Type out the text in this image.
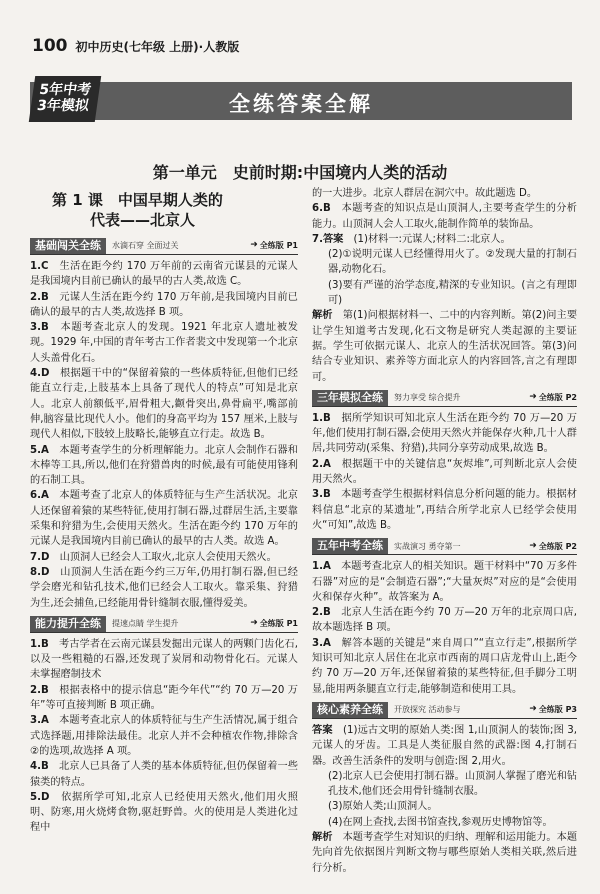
100 初中历史(七年级 上册)·人教版
全练答案全解
5年中考
3年模拟
第一单元　史前时期:中国境内人类的活动
第 1 课　中国早期人类的
代表——北京人
基础闯关全练	水滴石穿 全面过关	➜ 全练版 P1

1.C　生活在距今约 170 万年前的云南省元谋县的元谋人是我国境内目前已确认的最早的古人类,故选 C。

2.B　元谋人生活在距今约 170 万年前,是我国境内目前已确认的最早的古人类,故选择 B 项。

3.B　本题考查北京人的发现。1921 年北京人遗址被发现。1929 年,中国的青年考古工作者裴文中发现第一个北京人头盖骨化石。

4.D　根据题干中的“保留着猿的一些体质特征,但他们已经能直立行走,上肢基本上具备了现代人的特点”可知是北京人。北京人前额低平,眉骨粗大,颧骨突出,鼻骨扁平,嘴部前伸,脑容量比现代人小。他们的身高平均为 157 厘米,上肢与现代人相似,下肢较上肢略长,能够直立行走。故选 B。

5.A　本题考查学生的分析理解能力。北京人会制作石器和木棒等工具,所以,他们在狩猎兽肉的时候,最有可能使用锋利的石制工具。

6.A　本题考查了北京人的体质特征与生产生活状况。北京人还保留着猿的某些特征,使用打制石器,过群居生活,主要靠采集和狩猎为生,会使用天然火。生活在距今约 170 万年的元谋人是我国境内目前已确认的最早的古人类。故选 A。

7.D　山顶洞人已经会人工取火,北京人会使用天然火。

8.D　山顶洞人生活在距今约三万年,仍用打制石器,但已经学会磨光和钻孔技术,他们已经会人工取火。靠采集、狩猎为生,还会捕鱼,已经能用骨针缝制衣服,懂得爱美。

能力提升全练	提速点睛 学生提升	➜ 全练版 P1

1.B　考古学者在云南元谋县发掘出元谋人的两颗门齿化石,以及一些粗糙的石器,还发现了炭屑和动物骨化石。元谋人未掌握磨制技术

2.B　根据表格中的提示信息“距今年代”“约 70 万—20 万年”等可直接判断 B 项正确。

3.A　本题考查北京人的体质特征与生产生活情况,属于组合式选择题,用排除法最佳。北京人并不会种植农作物,排除含②的选项,故选择 A 项。

4.B　北京人已具备了人类的基本体质特征,但仍保留着一些猿类的特点。

5.D　依据所学可知,北京人已经使用天然火,他们用火照明、防寒,用火烧烤食物,驱赶野兽。火的使用是人类进化过程中

的一大进步。北京人群居在洞穴中。故此题选 D。

6.B　本题考查的知识点是山顶洞人,主要考查学生的分析能力。山顶洞人会人工取火,能制作简单的装饰品。

7.答案　(1)材料一:元谋人;材料二:北京人。

(2)①说明元谋人已经懂得用火了。②发现大量的打制石器,动物化石。

(3)要有严谨的治学态度,精深的专业知识。(言之有理即可)

解析　第(1)问根据材料一、二中的内容判断。第(2)问主要让学生知道考古发现,化石文物是研究人类起源的主要证据。学生可依据元谋人、北京人的生活状况回答。第(3)问结合专业知识、素养等方面北京人的内容回答,言之有理即可。

三年模拟全练	努力享受 综合提升	➜ 全练版 P2

1.B　据所学知识可知北京人生活在距今约 70 万—20 万年,他们使用打制石器,会使用天然火并能保存火种,几十人群居,共同劳动(采集、狩猎),共同分享劳动成果,故选 B。

2.A　根据题干中的关键信息“灰烬堆”,可判断北京人会使用天然火。

3.B　本题考查学生根据材料信息分析问题的能力。根据材料信息“北京的某遗址”,再结合所学北京人已经学会使用火“可知”,故选 B。

五年中考全练	实战演习 勇夺第一	➜ 全练版 P2

1.A　本题考查北京人的相关知识。题干材料中“70 万多件石器”对应的是“会制造石器”;“大量灰烬”对应的是“会使用火和保存火种”。故答案为 A。

2.B　北京人生活在距今约 70 万—20 万年的北京周口店,故本题选择 B 项。

3.A　解答本题的关键是“来自周口”“直立行走”,根据所学知识可知北京人居住在北京市西南的周口店龙骨山上,距今约 70 万—20 万年,还保留着猿的某些特征,但手脚分工明显,能用两条腿直立行走,能够制造和使用工具。

核心素养全练	开放探究 活动参与	➜ 全练版 P3

答案　(1)远古文明的原始人类:图 1,山顶洞人的装饰;图 3,元谋人的牙齿。工具是人类征服自然的武器:图 4,打制石器。改善生活条件的发明与创造:图 2,用火。

(2)北京人已会使用打制石器。山顶洞人掌握了磨光和钻孔技术,他们还会用骨针缝制衣服。

(3)原始人类;山顶洞人。

(4)在网上查找,去图书馆查找,参观历史博物馆等。

解析　本题考查学生对知识的归纳、理解和运用能力。本题先向首先依据图片判断文物与哪些原始人类相关联,然后进行分析。
